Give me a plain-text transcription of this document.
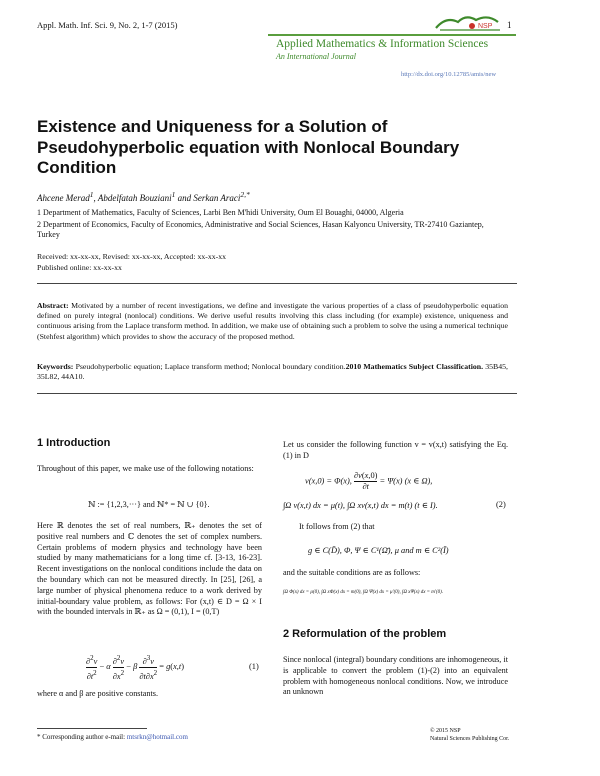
Appl. Math. Inf. Sci. 9, No. 2, 1-7 (2015)	NSP 1
Applied Mathematics & Information Sciences
An International Journal
http://dx.doi.org/10.12785/amis/new
Existence and Uniqueness for a Solution of Pseudohyperbolic equation with Nonlocal Boundary Condition
Ahcene Merad$^1$, Abdelfatah Bouziani$^1$ and Serkan Araci$^{2,*}$
1 Department of Mathematics, Faculty of Sciences, Larbi Ben M'hidi University, Oum El Bouaghi, 04000, Algeria
2 Department of Economics, Faculty of Economics, Administrative and Social Sciences, Hasan Kalyoncu University, TR-27410 Gaziantep, Turkey
Received: xx-xx-xx, Revised: xx-xx-xx, Accepted: xx-xx-xx
Published online: xx-xx-xx
Abstract: Motivated by a number of recent investigations, we define and investigate the various properties of a class of pseudohyperbolic equation defined on purely integral (nonlocal) conditions. We derive useful results involving this class including (for example) existence, uniqueness and continuous arising from the Laplace transform method. In addition, we make use of obtaining such a problem to solve the using a numerical technique (Stehfest algorithm) which provides to show the accuracy of the proposed method.
Keywords: Pseudohyperbolic equation; Laplace transform method; Nonlocal boundary condition.2010 Mathematics Subject Classification. 35B45, 35L82, 44A10.
1 Introduction
Throughout of this paper, we make use of the following notations:
ℕ := {1,2,3,···} and ℕ* = ℕ ∪ {0}.
Here ℝ denotes the set of real numbers, ℝ₊ denotes the set of positive real numbers and ℂ denotes the set of complex numbers. Certain problems of modern physics and technology have been studied by many mathematicians for a long time cf. [3-13, 16-23]. Recent investigations on the nonlocal conditions include the data on the boundary which can not be measured directly. In [25], [26], a large number of physical phenomena reduce to a work derived by initial-boundary value problem, as follows: For (x,t) ∈ D = Ω × I with the bounded intervals in ℝ₊ as Ω = (0,1), I = (0,T)
$\frac{\partial^2v}{\partial t^2} - \alpha \frac{\partial^2v}{\partial x^2} - \beta \frac{\partial^3v}{\partial t\partial x^2} = g(x,t)$	(1)
where α and β are positive constants.
Let us consider the following function v = v(x,t) satisfying the Eq. (1) in D
v(x,0) = Φ(x), $\frac{\partial v(x,0)}{\partial t} = \Psi(x)$ (x ∈ Ω),
∫Ω v(x,t) dx = μ(t), ∫Ω xv(x,t) dx = m(t) (t ∈ I).	(2)
It follows from (2) that
g ∈ C(D̄), Φ, Ψ ∈ C¹(Ω̄), μ and m ∈ C²(Ī)
and the suitable conditions are as follows:
∫Ω Φ(x) dx = μ(0), ∫Ω xΦ(x) dx = m(0), ∫Ω Ψ(x) dx = μ′(0), ∫Ω xΨ(x) dx = m′(0).
2 Reformulation of the problem
Since nonlocal (integral) boundary conditions are inhomogeneous, it is applicable to convert the problem (1)-(2) into an equivalent problem with homogeneous nonlocal conditions. Now, we introduce an unknown
* Corresponding author e-mail: mtsrkn@hotmail.com
© 2015 NSP
Natural Sciences Publishing Cor.
